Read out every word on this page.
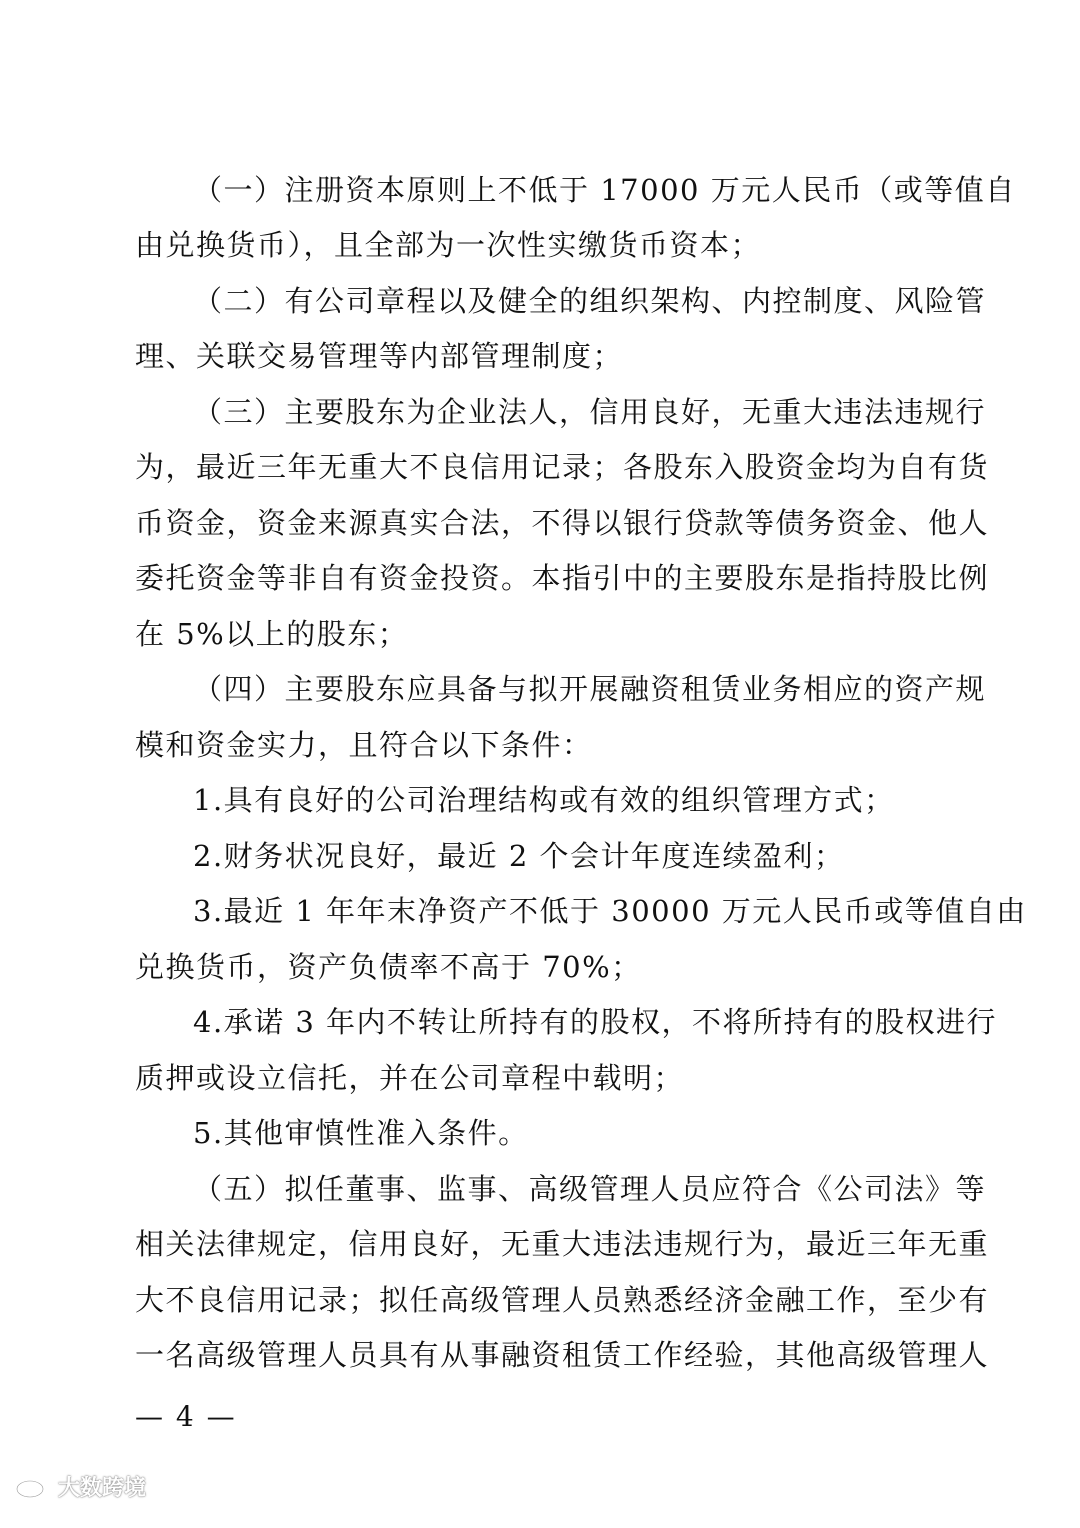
（一）注册资本原则上不低于 17000 万元人民币（或等值自
由兑换货币），且全部为一次性实缴货币资本；
（二）有公司章程以及健全的组织架构、内控制度、风险管
理、关联交易管理等内部管理制度；
（三）主要股东为企业法人，信用良好，无重大违法违规行
为，最近三年无重大不良信用记录；各股东入股资金均为自有货
币资金，资金来源真实合法，不得以银行贷款等债务资金、他人
委托资金等非自有资金投资。本指引中的主要股东是指持股比例
在 5%以上的股东；
（四）主要股东应具备与拟开展融资租赁业务相应的资产规
模和资金实力，且符合以下条件：
1.具有良好的公司治理结构或有效的组织管理方式；
2.财务状况良好，最近 2 个会计年度连续盈利；
3.最近 1 年年末净资产不低于 30000 万元人民币或等值自由
兑换货币，资产负债率不高于 70%；
4.承诺 3 年内不转让所持有的股权，不将所持有的股权进行
质押或设立信托，并在公司章程中载明；
5.其他审慎性准入条件。
（五）拟任董事、监事、高级管理人员应符合《公司法》等
相关法律规定，信用良好，无重大违法违规行为，最近三年无重
大不良信用记录；拟任高级管理人员熟悉经济金融工作，至少有
一名高级管理人员具有从事融资租赁工作经验，其他高级管理人
— 4 —
大数跨境
